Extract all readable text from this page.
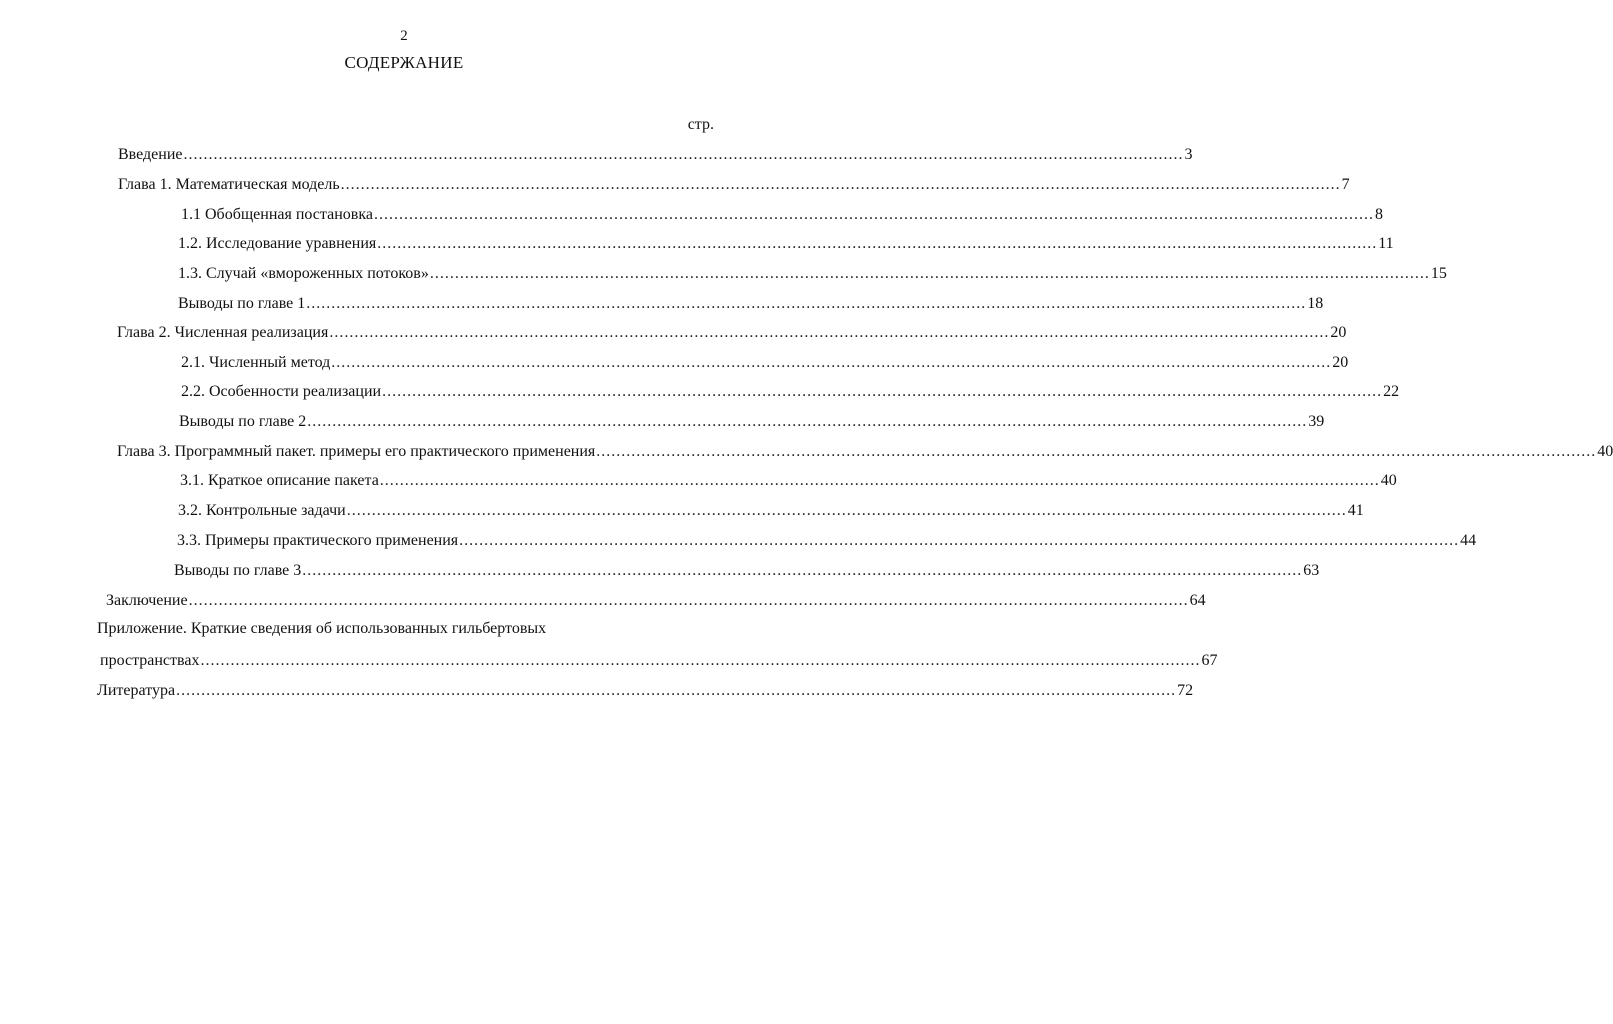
2
СОДЕРЖАНИЕ
стр.
Введение ........................................................................................................................................................................................................ 3
Глава 1. Математическая модель ........................................................................................................................................................................................................ 7
1.1 Обобщенная постановка ........................................................................................................................................................................................................ 8
1.2. Исследование уравнения ........................................................................................................................................................................................................ 11
1.3. Случай «вмороженных потоков» ........................................................................................................................................................................................................ 15
Выводы по главе 1 ........................................................................................................................................................................................................ 18
Глава 2. Численная реализация ........................................................................................................................................................................................................ 20
2.1. Численный метод ........................................................................................................................................................................................................ 20
2.2. Особенности реализации ........................................................................................................................................................................................................ 22
Выводы по главе 2 ........................................................................................................................................................................................................ 39
Глава 3. Программный пакет. примеры его практического применения ........................................................................................................................................................................................................ 40
3.1. Краткое описание пакета ........................................................................................................................................................................................................ 40
3.2. Контрольные задачи ........................................................................................................................................................................................................ 41
3.3. Примеры практического применения ........................................................................................................................................................................................................ 44
Выводы по главе 3 ........................................................................................................................................................................................................ 63
Заключение ........................................................................................................................................................................................................ 64
Приложение. Краткие сведения об использованных гильбертовых
пространствах ........................................................................................................................................................................................................ 67
Литература ........................................................................................................................................................................................................ 72
